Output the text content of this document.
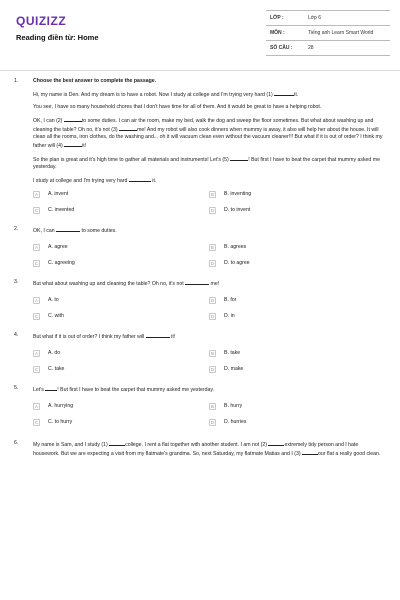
QUIZIZZ
Reading điền từ: Home
LỚP :	Lớp 6
MÔN :	Tiếng anh Learn Smart World
SỐ CÂU :	28
1.	Choose the best answer to complete the passage.

Hi, my name is Den. And my dream is to have a robot. Now I study at college and I'm trying very hard (1)	it.

You see, I have so many household chores that I don't have time for all of them. And it would be great to have a helping robot.

OK, I can (2)	to some duties. I can air the room, make my bed, walk the dog and sweep the floor sometimes. But what about washing up and cleaning the table? Oh no, it's not (3)	me! And my robot will also cook dinners when mummy is away, it also will help her about the house. It will clean all the rooms, iron clothes, do the washing and... oh it will vacuum clean even without the vacuum cleaner!!! But what if it is out of order? I think my father will (4)	it!

So the plan is great and it's high time to gather all materials and instruments! Let's (5)	! But first I have to beat the carpet that mummy asked me yesterday.

I study at college and I'm trying very hard	it.

A	A. invent	B	B. inventing
C	C. invented	D	D. to invent
2.	OK, I can	to some duties.

A	A. agree	B	B. agrees
C	C. agreeing	D	D. to agree
3.	But what about washing up and cleaning the table? Oh no, it's not	me!

A	A. to	B	B. for
C	C. with	D	D. in
4.	But what if it is out of order? I think my father will	it!

A	A. do	B	B. take
C	C. take	D	D. make
5.	Let's ! But first I have to beat the carpet that mummy asked me yesterday.

A	A. hurrying	B	B. hurry
C	C. to hurry	D	D. hurries
6.	My name is Sam, and I study (1)	college. I rent a flat together with another student. I am not (2)	extremely tidy person and I hate housework. But we are expecting a visit from my flatmate's grandma. So, next Saturday, my flatmate Matias and I (3)	our flat a really good clean.
